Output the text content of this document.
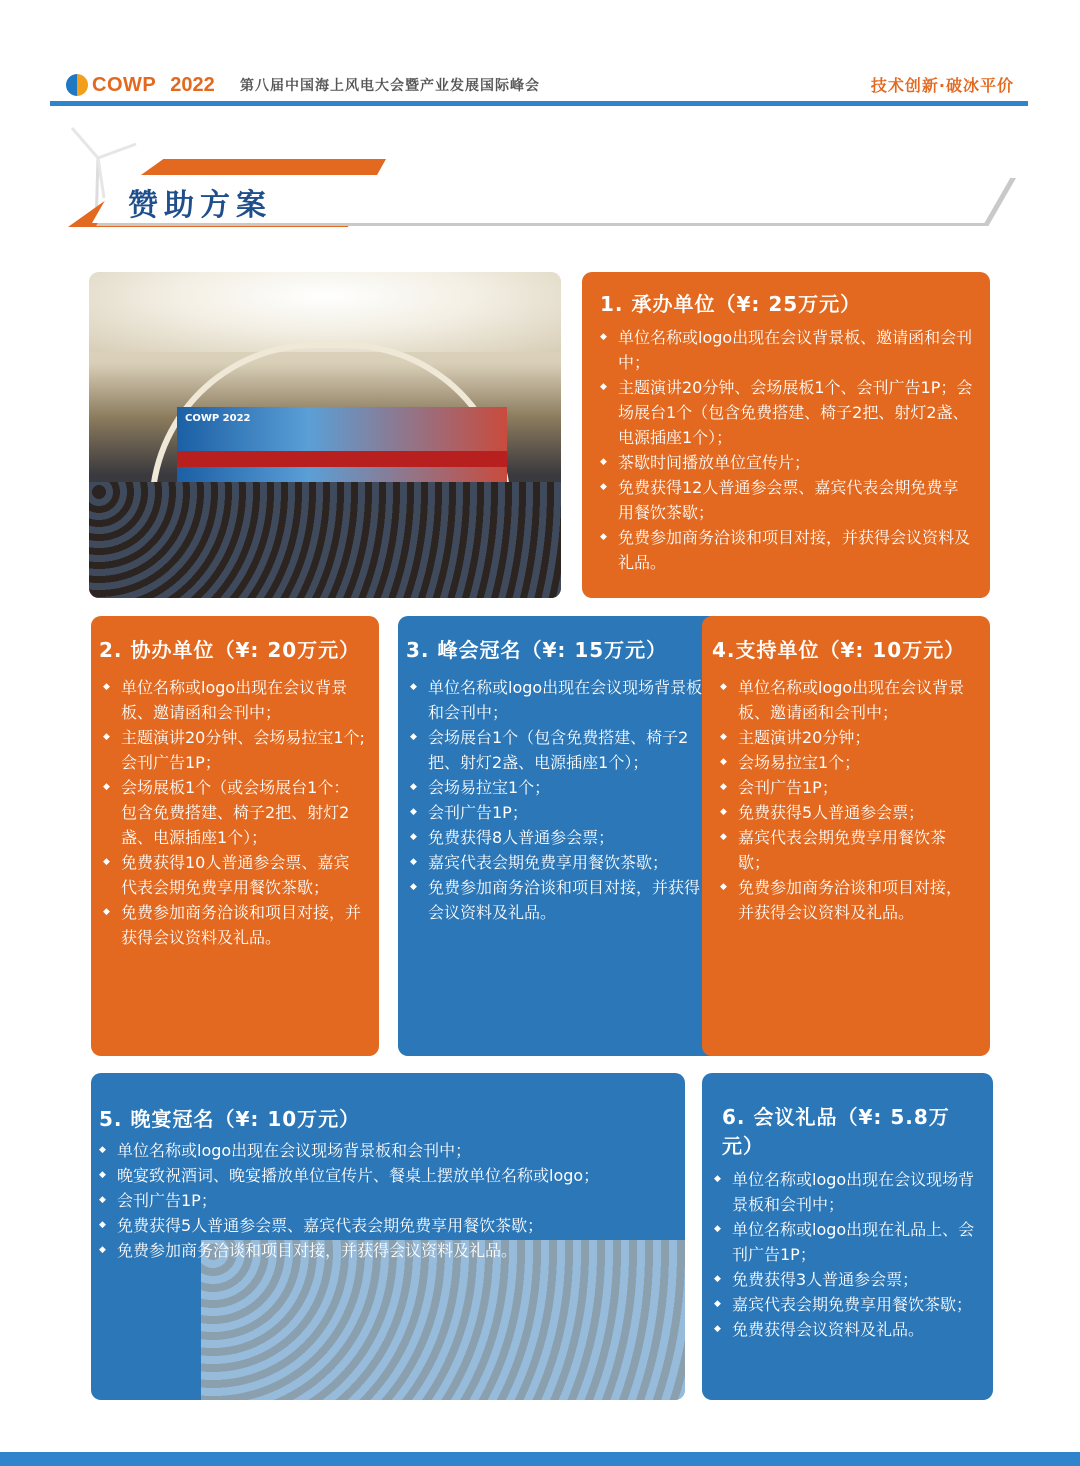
COWP 2022 第八届中国海上风电大会暨产业发展国际峰会	技术创新·破冰平价
赞助方案
COWP 2022
1. 承办单位（¥: 25万元）
◆ 单位名称或logo出现在会议背景板、邀请函和会刊中；
◆ 主题演讲20分钟、会场展板1个、会刊广告1P；会场展台1个（包含免费搭建、椅子2把、射灯2盏、电源插座1个）；
◆ 茶歇时间播放单位宣传片；
◆ 免费获得12人普通参会票、嘉宾代表会期免费享用餐饮茶歇；
◆ 免费参加商务洽谈和项目对接，并获得会议资料及礼品。
2. 协办单位（¥: 20万元）
◆ 单位名称或logo出现在会议背景板、邀请函和会刊中；
◆ 主题演讲20分钟、会场易拉宝1个;会刊广告1P；
◆ 会场展板1个（或会场展台1个：包含免费搭建、椅子2把、射灯2盏、电源插座1个）；
◆ 免费获得10人普通参会票、嘉宾代表会期免费享用餐饮茶歇；
◆ 免费参加商务洽谈和项目对接，并获得会议资料及礼品。
3. 峰会冠名（¥: 15万元）
◆ 单位名称或logo出现在会议现场背景板和会刊中；
◆ 会场展台1个（包含免费搭建、椅子2把、射灯2盏、电源插座1个）；
◆ 会场易拉宝1个；
◆ 会刊广告1P；
◆ 免费获得8人普通参会票；
◆ 嘉宾代表会期免费享用餐饮茶歇；
◆ 免费参加商务洽谈和项目对接，并获得会议资料及礼品。
4.支持单位（¥: 10万元）
◆ 单位名称或logo出现在会议背景板、邀请函和会刊中；
◆ 主题演讲20分钟；
◆ 会场易拉宝1个；
◆ 会刊广告1P；
◆ 免费获得5人普通参会票；
◆ 嘉宾代表会期免费享用餐饮茶歇；
◆ 免费参加商务洽谈和项目对接，并获得会议资料及礼品。
5. 晚宴冠名（¥: 10万元）
◆ 单位名称或logo出现在会议现场背景板和会刊中；
◆ 晚宴致祝酒词、晚宴播放单位宣传片、餐桌上摆放单位名称或logo；
◆ 会刊广告1P；
◆ 免费获得5人普通参会票、嘉宾代表会期免费享用餐饮茶歇；
◆ 免费参加商务洽谈和项目对接，并获得会议资料及礼品。
6. 会议礼品（¥: 5.8万元）
◆ 单位名称或logo出现在会议现场背景板和会刊中；
◆ 单位名称或logo出现在礼品上、会刊广告1P；
◆ 免费获得3人普通参会票；
◆ 嘉宾代表会期免费享用餐饮茶歇；
◆ 免费获得会议资料及礼品。
